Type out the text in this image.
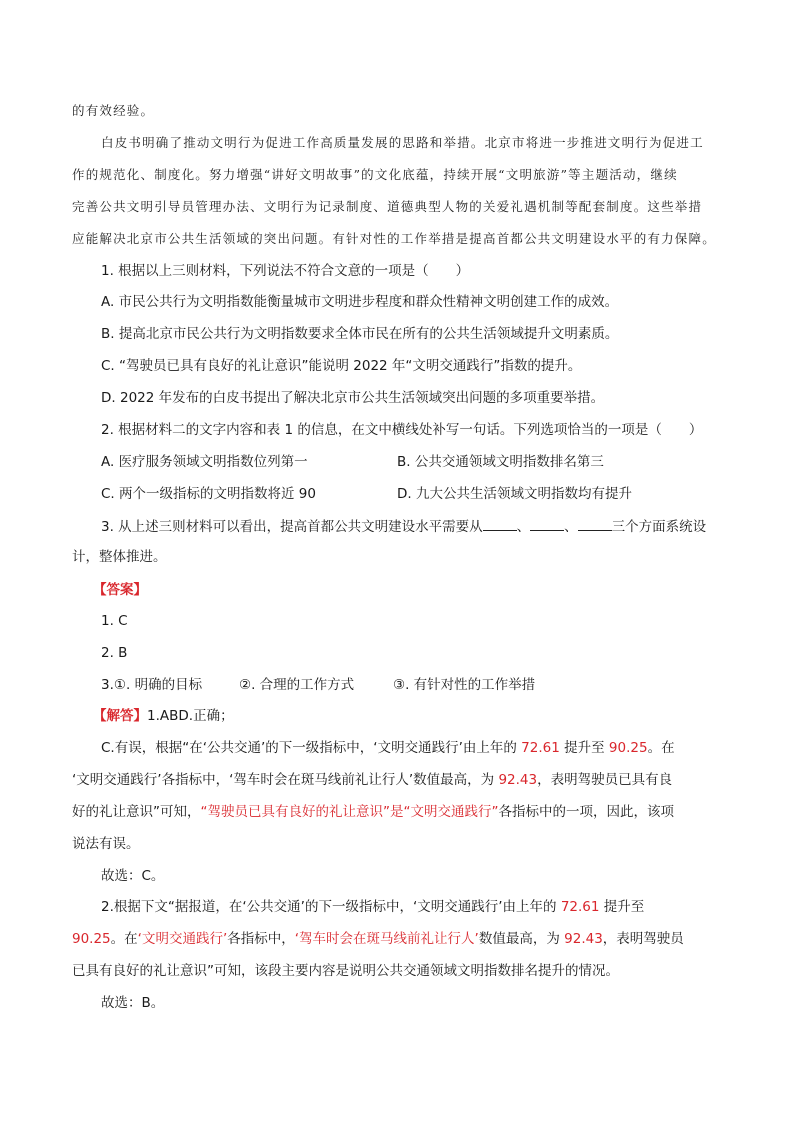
的有效经验。
白皮书明确了推动文明行为促进工作高质量发展的思路和举措。北京市将进一步推进文明行为促进工
作的规范化、制度化。努力增强“讲好文明故事”的文化底蕴，持续开展“文明旅游”等主题活动，继续
完善公共文明引导员管理办法、文明行为记录制度、道德典型人物的关爱礼遇机制等配套制度。这些举措
应能解决北京市公共生活领域的突出问题。有针对性的工作举措是提高首都公共文明建设水平的有力保障。
1. 根据以上三则材料，下列说法不符合文意的一项是（　　）
A. 市民公共行为文明指数能衡量城市文明进步程度和群众性精神文明创建工作的成效。
B. 提高北京市民公共行为文明指数要求全体市民在所有的公共生活领域提升文明素质。
C. “驾驶员已具有良好的礼让意识”能说明 2022 年“文明交通践行”指数的提升。
D. 2022 年发布的白皮书提出了解决北京市公共生活领域突出问题的多项重要举措。
2. 根据材料二的文字内容和表 1 的信息，在文中横线处补写一句话。下列选项恰当的一项是（　　）
A. 医疗服务领域文明指数位列第一	B. 公共交通领域文明指数排名第三
C. 两个一级指标的文明指数将近 90	D. 九大公共生活领域文明指数均有提升
3. 从上述三则材料可以看出，提高首都公共文明建设水平需要从	、	、	三个方面系统设
计，整体推进。
【答案】
1. C
2. B
3.①. 明确的目标	②. 合理的工作方式	③. 有针对性的工作举措
【解答】1.ABD.正确；
C.有误，根据“在‘公共交通’的下一级指标中，‘文明交通践行’由上年的 72.61 提升至 90.25。在
‘文明交通践行’各指标中，‘驾车时会在斑马线前礼让行人’数值最高，为 92.43，表明驾驶员已具有良
好的礼让意识”可知，“驾驶员已具有良好的礼让意识”是“文明交通践行”各指标中的一项，因此，该项
说法有误。
故选：C。
2.根据下文“据报道，在‘公共交通’的下一级指标中，‘文明交通践行’由上年的 72.61 提升至
90.25。在‘文明交通践行’各指标中，‘驾车时会在斑马线前礼让行人’数值最高，为 92.43，表明驾驶员
已具有良好的礼让意识”可知，该段主要内容是说明公共交通领域文明指数排名提升的情况。
故选：B。
